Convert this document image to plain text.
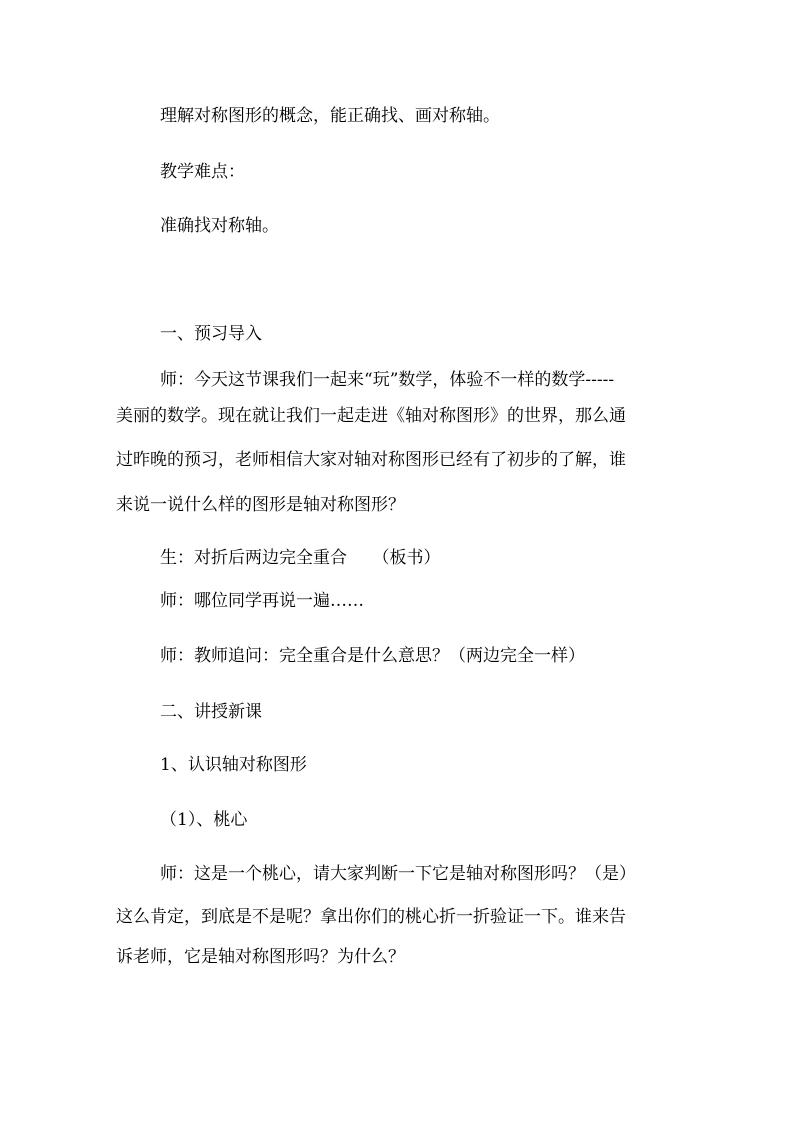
理解对称图形的概念，能正确找、画对称轴。
教学难点：
准确找对称轴。
一、预习导入
师：今天这节课我们一起来“玩”数学，体验不一样的数学-----
美丽的数学。现在就让我们一起走进《轴对称图形》的世界，那么通
过昨晚的预习，老师相信大家对轴对称图形已经有了初步的了解，谁
来说一说什么样的图形是轴对称图形？
生：对折后两边完全重合　　（板书）
师：哪位同学再说一遍……
师：教师追问：完全重合是什么意思？（两边完全一样）
二、讲授新课
1、认识轴对称图形
（1）、桃心
师：这是一个桃心，请大家判断一下它是轴对称图形吗？（是）
这么肯定，到底是不是呢？拿出你们的桃心折一折验证一下。谁来告
诉老师，它是轴对称图形吗？为什么？
